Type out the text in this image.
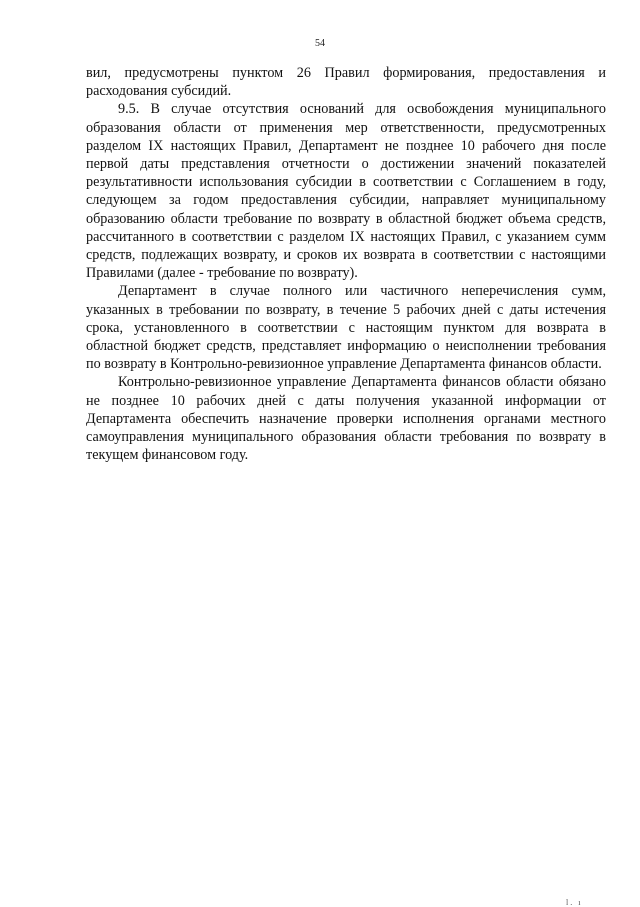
54

вил, предусмотрены пунктом 26 Правил формирования, предоставления и расходования субсидий.

9.5. В случае отсутствия оснований для освобождения муниципального образования области от применения мер ответственности, предусмотренных разделом IX настоящих Правил, Департамент не позднее 10 рабочего дня после первой даты представления отчетности о достижении значений показателей результативности использования субсидии в соответствии с Соглашением в году, следующем за годом предоставления субсидии, направляет муниципальному образованию области требование по возврату в областной бюджет объема средств, рассчитанного в соответствии с разделом IX настоящих Правил, с указанием сумм средств, подлежащих возврату, и сроков их возврата в соответствии с настоящими Правилами (далее - требование по возврату).

Департамент в случае полного или частичного неперечисления сумм, указанных в требовании по возврату, в течение 5 рабочих дней с даты истечения срока, установленного в соответствии с настоящим пунктом для возврата в областной бюджет средств, представляет информацию о неисполнении требования по возврату в Контрольно-ревизионное управление Департамента финансов области.

Контрольно-ревизионное управление Департамента финансов области обязано не позднее 10 рабочих дней с даты получения указанной информации от Департамента обеспечить назначение проверки исполнения органами местного самоуправления муниципального образования области требования по возврату в текущем финансовом году.

l. ı
